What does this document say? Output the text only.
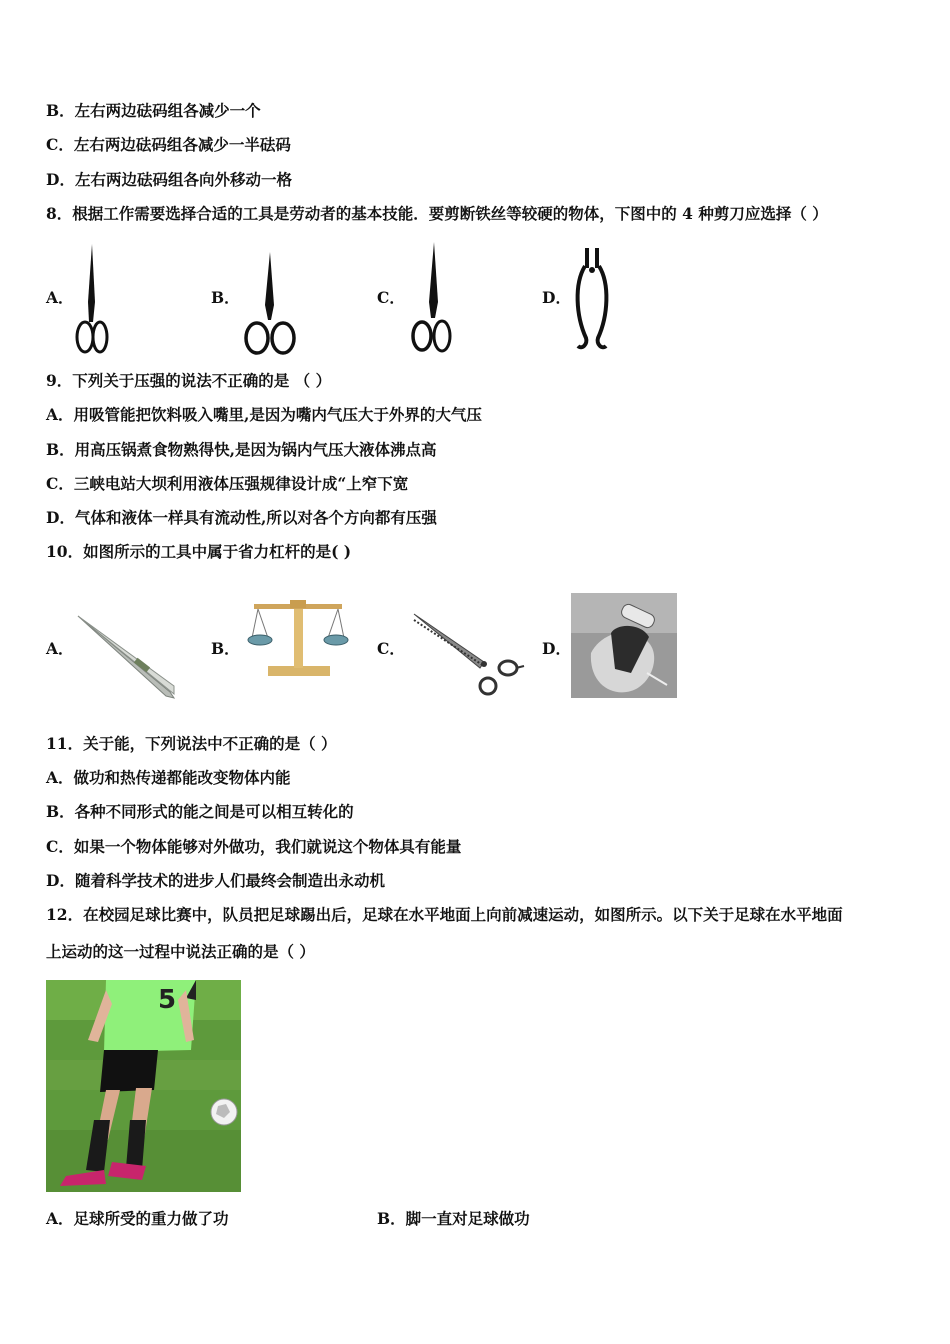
B．左右两边砝码组各减少一个
C．左右两边砝码组各减少一半砝码
D．左右两边砝码组各向外移动一格
8．根据工作需要选择合适的工具是劳动者的基本技能．要剪断铁丝等较硬的物体，下图中的 4 种剪刀应选择（ ）
A．	B．	C．	D．
9．下列关于压强的说法不正确的是 （ ）
A．用吸管能把饮料吸入嘴里,是因为嘴内气压大于外界的大气压
B．用高压锅煮食物熟得快,是因为锅内气压大液体沸点高
C．三峡电站大坝利用液体压强规律设计成“上窄下宽
D．气体和液体一样具有流动性,所以对各个方向都有压强
10．如图所示的工具中属于省力杠杆的是( )
A．	B．	C．	D．
11．关于能，下列说法中不正确的是（ ）
A．做功和热传递都能改变物体内能
B．各种不同形式的能之间是可以相互转化的
C．如果一个物体能够对外做功，我们就说这个物体具有能量
D．随着科学技术的进步人们最终会制造出永动机
12．在校园足球比赛中，队员把足球踢出后，足球在水平地面上向前减速运动，如图所示。以下关于足球在水平地面
上运动的这一过程中说法正确的是（ ）
5
A．足球所受的重力做了功	B．脚一直对足球做功
